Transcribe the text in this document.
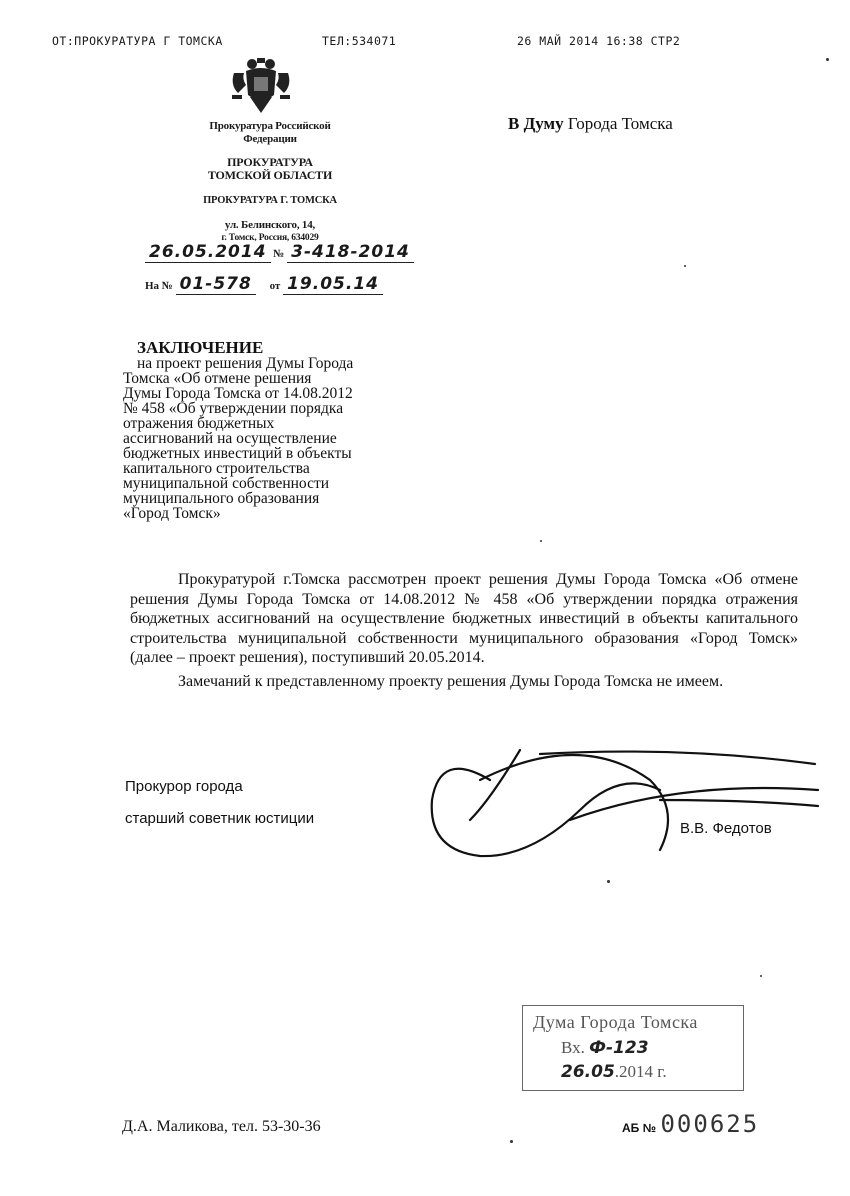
ОТ:ПРОКУРАТУРА Г ТОМСКА	ТЕЛ:534071	26 МАЙ 2014 16:38 СТР2
Прокуратура Российской
Федерации
ПРОКУРАТУРА
ТОМСКОЙ ОБЛАСТИ
ПРОКУРАТУРА Г. ТОМСКА
ул. Белинского, 14,
г. Томск, Россия, 634029
26.05.2014 № 3-418-2014
На № 01-578 от 19.05.14
В Думу Города Томска
ЗАКЛЮЧЕНИЕ
на проект решения Думы Города
Томска «Об отмене решения
Думы Города Томска от 14.08.2012
№ 458 «Об утверждении порядка
отражения бюджетных
ассигнований на осуществление
бюджетных инвестиций в объекты
капитального строительства
муниципальной собственности
муниципального образования
«Город Томск»

Прокуратурой г.Томска рассмотрен проект решения Думы Города Томска «Об отмене решения Думы Города Томска от 14.08.2012 № 458 «Об утверждении порядка отражения бюджетных ассигнований на осуществление бюджетных инвестиций в объекты капитального строительства муниципальной собственности муниципального образования «Город Томск» (далее – проект решения), поступивший 20.05.2014.

Замечаний к представленному проекту решения Думы Города Томска не имеем.

Прокурор города
старший советник юстиции
В.В. Федотов
Дума Города Томска
Вх. Ф-123
26.05.2014 г.
Д.А. Маликова, тел. 53-30-36	АБ № 000625
